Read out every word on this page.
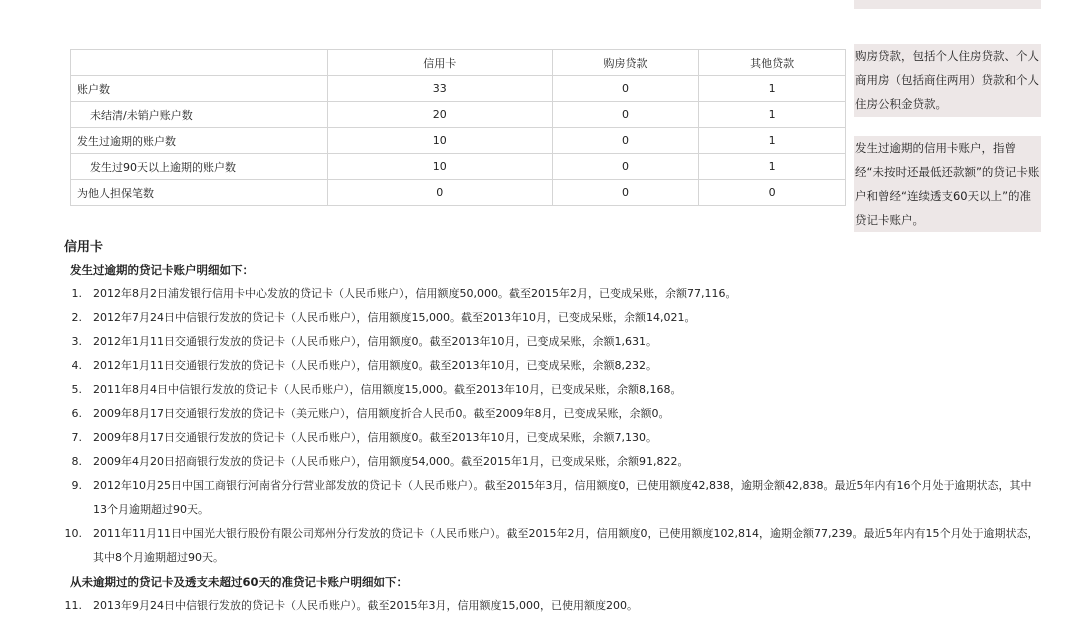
	信用卡	购房贷款	其他贷款
账户数	33	0	1
未结清/未销户账户数	20	0	1
发生过逾期的账户数	10	0	1
发生过90天以上逾期的账户数	10	0	1
为他人担保笔数	0	0	0
购房贷款，包括个人住房贷款、个人商用房（包括商住两用）贷款和个人住房公积金贷款。
发生过逾期的信用卡账户，指曾经“未按时还最低还款额”的贷记卡账户和曾经“连续透支60天以上”的准贷记卡账户。
信用卡
发生过逾期的贷记卡账户明细如下：
1. 2012年8月2日浦发银行信用卡中心发放的贷记卡（人民币账户），信用额度50,000。截至2015年2月，已变成呆账，余额77,116。
2. 2012年7月24日中信银行发放的贷记卡（人民币账户），信用额度15,000。截至2013年10月，已变成呆账，余额14,021。
3. 2012年1月11日交通银行发放的贷记卡（人民币账户），信用额度0。截至2013年10月，已变成呆账，余额1,631。
4. 2012年1月11日交通银行发放的贷记卡（人民币账户），信用额度0。截至2013年10月，已变成呆账，余额8,232。
5. 2011年8月4日中信银行发放的贷记卡（人民币账户），信用额度15,000。截至2013年10月，已变成呆账，余额8,168。
6. 2009年8月17日交通银行发放的贷记卡（美元账户），信用额度折合人民币0。截至2009年8月，已变成呆账，余额0。
7. 2009年8月17日交通银行发放的贷记卡（人民币账户），信用额度0。截至2013年10月，已变成呆账，余额7,130。
8. 2009年4月20日招商银行发放的贷记卡（人民币账户），信用额度54,000。截至2015年1月，已变成呆账，余额91,822。
9. 2012年10月25日中国工商银行河南省分行营业部发放的贷记卡（人民币账户）。截至2015年3月，信用额度0，已使用额度42,838，逾期金额42,838。最近5年内有16个月处于逾期状态，其中13个月逾期超过90天。
10. 2011年11月11日中国光大银行股份有限公司郑州分行发放的贷记卡（人民币账户）。截至2015年2月，信用额度0，已使用额度102,814，逾期金额77,239。最近5年内有15个月处于逾期状态，其中8个月逾期超过90天。
从未逾期过的贷记卡及透支未超过60天的准贷记卡账户明细如下：
11. 2013年9月24日中信银行发放的贷记卡（人民币账户）。截至2015年3月，信用额度15,000，已使用额度200。
